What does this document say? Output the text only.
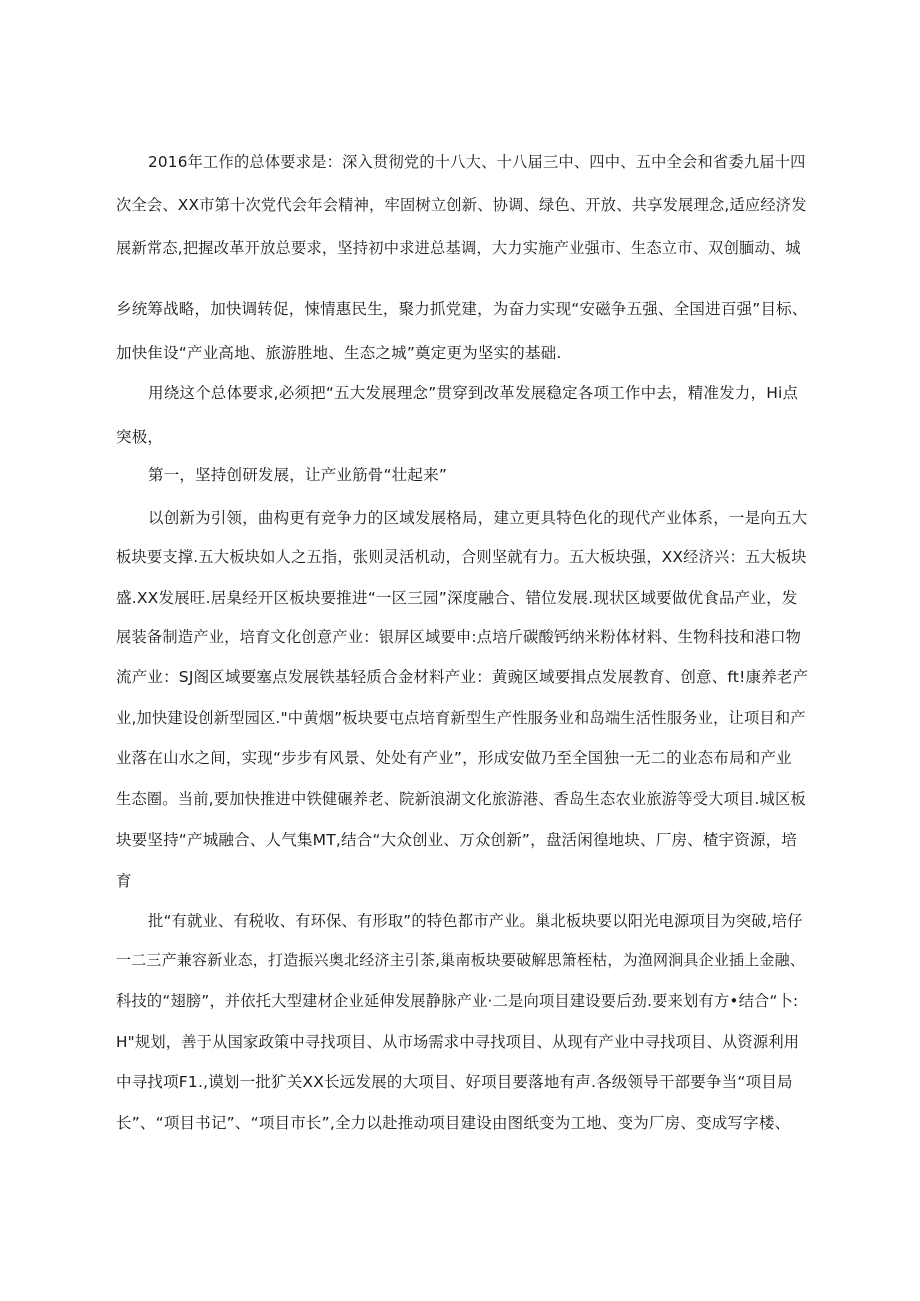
2016年工作的总体要求是：深入贯彻党的十八大、十八届三中、四中、五中全会和省委九届十四
次全会、XX市第十次党代会年会精神，牢固树立创新、协调、绿色、开放、共享发展理念,适应经济发
展新常态,把握改革开放总要求，坚持初中求进总基调，大力实施产业强市、生态立市、双创腼动、城
乡统筹战略，加快调转促，悚情惠民生，聚力抓党建，为奋力实现“安磁争五强、全国进百强”目标、
加快隹设“产业高地、旅游胜地、生态之城”奠定更为坚实的基础.
用绕这个总体要求,必须把“五大发展理念”贯穿到改革发展稳定各项工作中去，精准发力，Hi点
突极，
第一，坚持创研发展，让产业筋骨“壮起来”
以创新为引领，曲构更有竞争力的区域发展格局，建立更具特色化的现代产业体系，一是向五大
板块要支撑.五大板块如人之五指，张则灵活机动，合则坚就有力。五大板块强，XX经济兴：五大板块
盛.XX发展旺.居臬经开区板块要推进“一区三园”深度融合、错位发展.现状区域要做优食品产业，发
展装备制造产业，培育文化创意产业：银屏区域要申:点培斤碳酸钙纳米粉体材料、生物科技和港口物
流产业：SJ阁区域要塞点发展铁基轻质合金材料产业：黄豌区域要揖点发展教育、创意、ft!康养老产
业,加快建设创新型园区."中黄烟”板块要屯点培育新型生产性服务业和岛端生活性服务业，让项目和产
业落在山水之间，实现“步步有风景、处处有产业”，形成安做乃至全国独一无二的业态布局和产业
生态圈。当前,要加快推进中铁健碾养老、院新浪湖文化旅游港、香岛生态农业旅游等受大项目.城区板
块要坚持“产城融合、人气集MT,结合“大众创业、万众创新”，盘活闲徨地块、厂房、楂宇资源，培
育
批“有就业、有税收、有环保、有形取”的特色都市产业。巢北板块要以阳光电源项目为突破,培仔
一二三产兼容新业态，打造振兴奥北经济主引茶,巢南板块要破解思箫桎枯，为渔网涧具企业插上金融、
科技的“翅膀”，并依托大型建材企业延伸发展静脉产业·二是向项目建设要后劲.要来划有方•结合“卜:
H"规划，善于从国家政策中寻找项目、从市场需求中寻找项目、从现有产业中寻找项目、从资源利用
中寻找项F1.,谟划一批犷关XX长远发展的大项目、好项目要落地有声.各级领导干部要争当“项目局
长”、“项目书记”、“项目市长”,全力以赴推动项目建设由图纸变为工地、变为厂房、变成写字楼、
